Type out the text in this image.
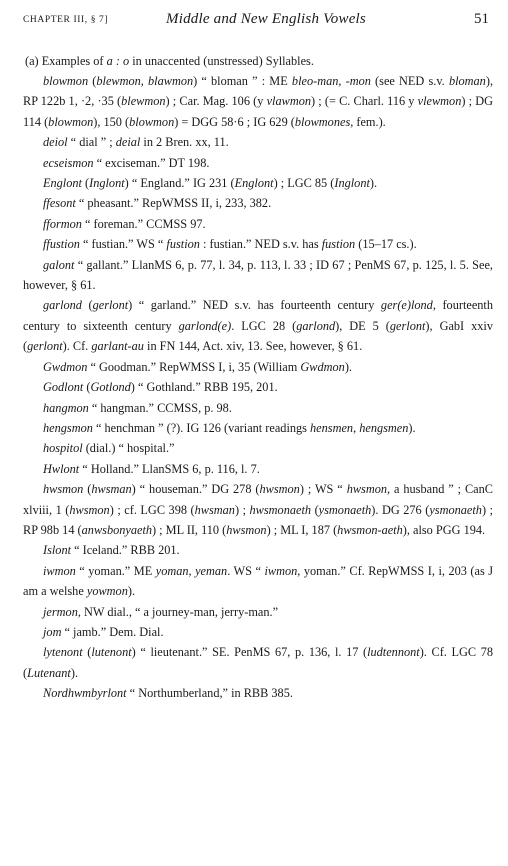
CHAPTER III, § 7]	Middle and New English Vowels	51
(a) Examples of a : o in unaccented (unstressed) Syllables.

blowmon (blewmon, blawmon) “ bloman ” : ME bleo-man, -mon (see NED s.v. bloman), RP 122b 1, ·2, ·35 (blewmon) ; Car. Mag. 106 (y vlawmon) ; (= C. Charl. 116 y vlewmon) ; DG 114 (blowmon), 150 (blowmon) = DGG 58·6 ; IG 629 (blowmones, fem.).

deiol “ dial ” ; deial in 2 Bren. xx, 11.

ecseismon “ exciseman.” DT 198.

Englont (Inglont) “ England.” IG 231 (Englont) ; LGC 85 (Inglont).

ffesont “ pheasant.” RepWMSS II, i, 233, 382.

fformon “ foreman.” CCMSS 97.

ffustion “ fustian.” WS “ fustion : fustian.” NED s.v. has fustion (15–17 cs.).

galont “ gallant.” LlanMS 6, p. 77, l. 34, p. 113, l. 33 ; ID 67 ; PenMS 67, p. 125, l. 5. See, however, § 61.

garlond (gerlont) “ garland.” NED s.v. has fourteenth century ger(e)lond, fourteenth century to sixteenth century garlond(e). LGC 28 (garlond), DE 5 (gerlont), GabI xxiv (gerlont). Cf. garlant-au in FN 144, Act. xiv, 13. See, however, § 61.

Gwdmon “ Goodman.” RepWMSS I, i, 35 (William Gwdmon).

Godlont (Gotlond) “ Gothland.” RBB 195, 201.

hangmon “ hangman.” CCMSS, p. 98.

hengsmon “ henchman ” (?). IG 126 (variant readings hensmen, hengsmen).

hospitol (dial.) “ hospital.”

Hwlont “ Holland.” LlanSMS 6, p. 116, l. 7.

hwsmon (hwsman) “ houseman.” DG 278 (hwsmon) ; WS “ hwsmon, a husband ” ; CanC xlviii, 1 (hwsmon) ; cf. LGC 398 (hwsman) ; hwsmonaeth (ysmonaeth). DG 276 (ysmonaeth) ; RP 98b 14 (anwsbonyaeth) ; ML II, 110 (hwsmon) ; ML I, 187 (hwsmon-aeth), also PGG 194.

Islont “ Iceland.” RBB 201.

iwmon “ yoman.” ME yoman, yeman. WS “ iwmon, yoman.” Cf. RepWMSS I, i, 203 (as J am a welshe yowmon).

jermon, NW dial., “ a journey-man, jerry-man.”

jom “ jamb.” Dem. Dial.

lytenont (lutenont) “ lieutenant.” SE. PenMS 67, p. 136, l. 17 (ludtennont). Cf. LGC 78 (Lutenant).

Nordhwmbyrlont “ Northumberland,” in RBB 385.
